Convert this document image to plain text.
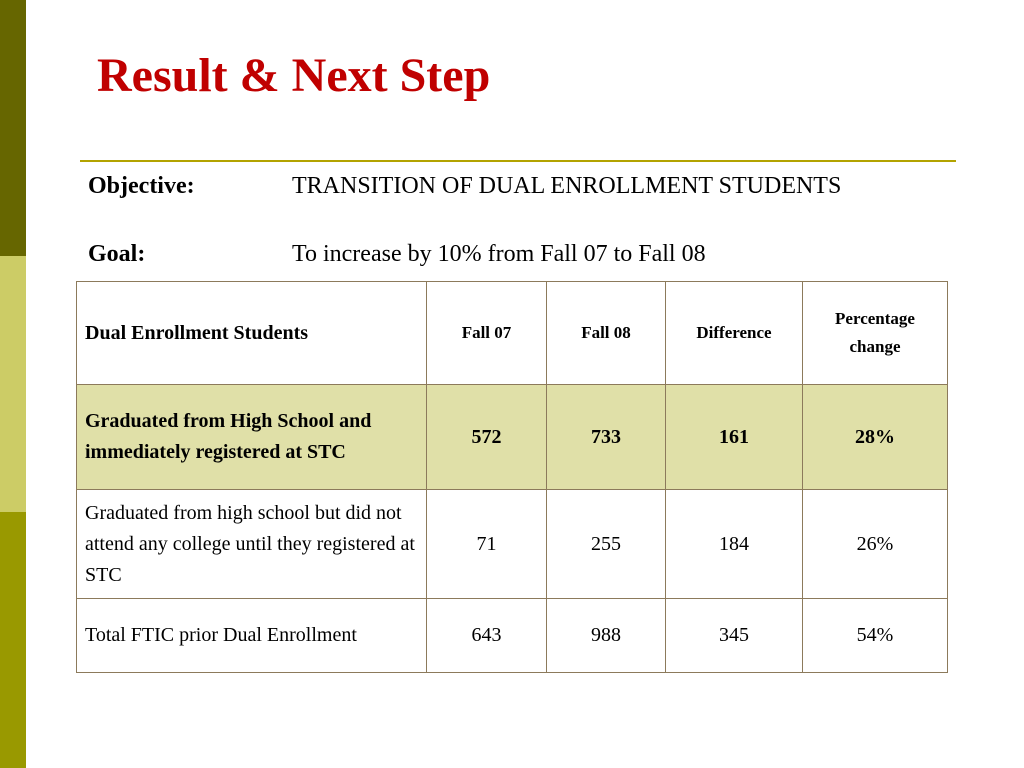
Result & Next Step
Objective:	TRANSITION OF DUAL ENROLLMENT STUDENTS
Goal:	To increase by 10% from Fall 07 to Fall 08
Dual Enrollment Students	Fall 07	Fall 08	Difference	Percentage change
Graduated from High School and immediately registered at STC	572	733	161	28%
Graduated from high school but did not attend any college until they registered at STC	71	255	184	26%
Total FTIC prior Dual Enrollment	643	988	345	54%
